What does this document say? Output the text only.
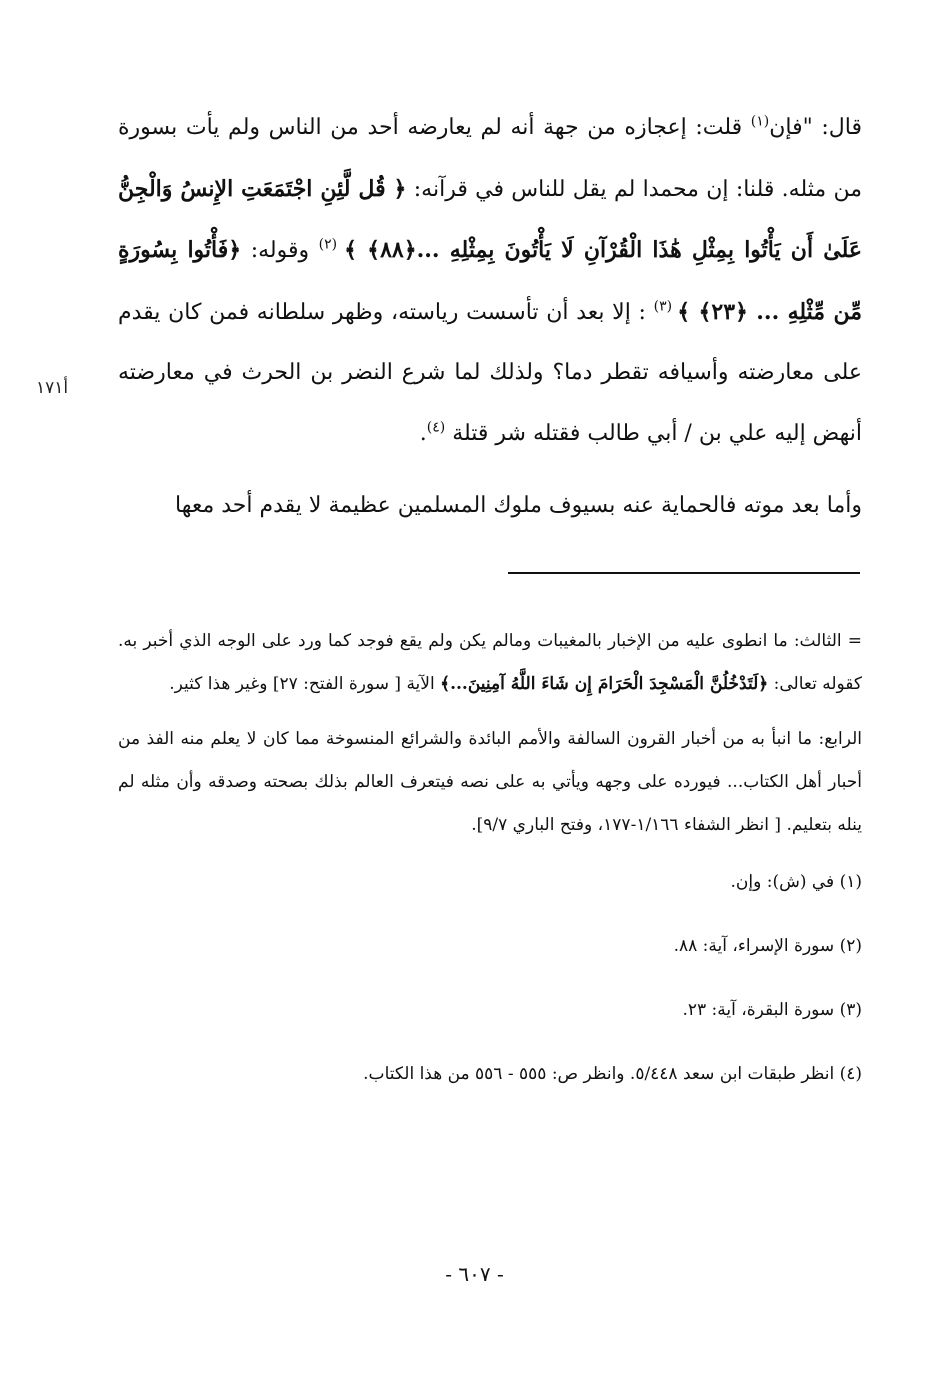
قال: "فإن$^{(١)}$ قلت: إعجازه من جهة أنه لم يعارضه أحد من الناس ولم يأت بسورة من مثله. قلنا: إن محمدا لم يقل للناس في قرآنه: ﴿ قُل لَّئِنِ اجْتَمَعَتِ الإِنسُ وَالْجِنُّ عَلَىٰ أَن يَأْتُوا بِمِثْلِ هَٰذَا الْقُرْآنِ لَا يَأْتُونَ بِمِثْلِهِ ...﴿٨٨﴾ ﴾ $^{(٢)}$ وقوله: ﴿فَأْتُوا بِسُورَةٍ مِّن مِّثْلِهِ ... ﴿٢٣﴾ ﴾ $^{(٣)}$ : إلا بعد أن تأسست رياسته، وظهر سلطانه فمن كان يقدم على معارضته وأسيافه تقطر دما؟ ولذلك لما شرع النضر بن الحرث في معارضته أنهض إليه علي بن / أبي طالب فقتله شر قتلة $^{(٤)}$.

وأما بعد موته فالحماية عنه بسيوف ملوك المسلمين عظيمة لا يقدم أحد معها

أ١٧١

= الثالث: ما انطوى عليه من الإخبار بالمغيبات ومالم يكن ولم يقع فوجد كما ورد على الوجه الذي أخبر به. كقوله تعالى: ﴿لَتَدْخُلُنَّ الْمَسْجِدَ الْحَرَامَ إِن شَاءَ اللَّهُ آمِنِينَ...﴾ الآية [ سورة الفتح: ٢٧] وغير هذا كثير.

الرابع: ما انبأ به من أخبار القرون السالفة والأمم البائدة والشرائع المنسوخة مما كان لا يعلم منه الفذ من أحبار أهل الكتاب... فيورده على وجهه ويأتي به على نصه فيتعرف العالم بذلك بصحته وصدقه وأن مثله لم ينله بتعليم. [ انظر الشفاء ١/١٦٦-١٧٧، وفتح الباري ٩/٧].

(١) في (ش): وإن.

(٢) سورة الإسراء، آية: ٨٨.

(٣) سورة البقرة، آية: ٢٣.

(٤) انظر طبقات ابن سعد ٥/٤٤٨. وانظر ص: ٥٥٥ - ٥٥٦ من هذا الكتاب.

- ٦٠٧ -
